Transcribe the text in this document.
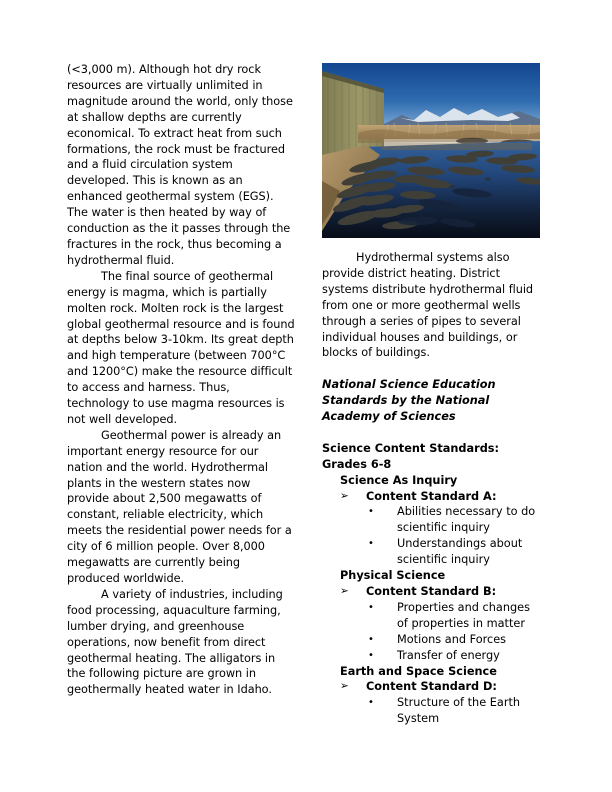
(<3,000 m). Although hot dry rock resources are virtually unlimited in magnitude around the world, only those at shallow depths are currently economical. To extract heat from such formations, the rock must be fractured and a fluid circulation system developed. This is known as an enhanced geothermal system (EGS). The water is then heated by way of conduction as the it passes through the fractures in the rock, thus becoming a hydrothermal fluid.

The final source of geothermal energy is magma, which is partially molten rock. Molten rock is the largest global geothermal resource and is found at depths below 3-10km. Its great depth and high temperature (between 700°C and 1200°C) make the resource difficult to access and harness. Thus, technology to use magma resources is not well developed.

Geothermal power is already an important energy resource for our nation and the world. Hydrothermal plants in the western states now provide about 2,500 megawatts of constant, reliable electricity, which meets the residential power needs for a city of 6 million people. Over 8,000 megawatts are currently being produced worldwide.

A variety of industries, including food processing, aquaculture farming, lumber drying, and greenhouse operations, now benefit from direct geothermal heating. The alligators in the following picture are grown in geothermally heated water in Idaho.

Hydrothermal systems also provide district heating. District systems distribute hydrothermal fluid from one or more geothermal wells through a series of pipes to several individual houses and buildings, or blocks of buildings.

National Science Education Standards by the National Academy of Sciences

Science Content Standards:

Grades 6-8

Science As Inquiry
➢	Content Standard A:
•	Abilities necessary to do scientific inquiry
•	Understandings about scientific inquiry
Physical Science
➢	Content Standard B:
•	Properties and changes of properties in matter
•	Motions and Forces
•	Transfer of energy
Earth and Space Science
➢	Content Standard D:
•	Structure of the Earth System
